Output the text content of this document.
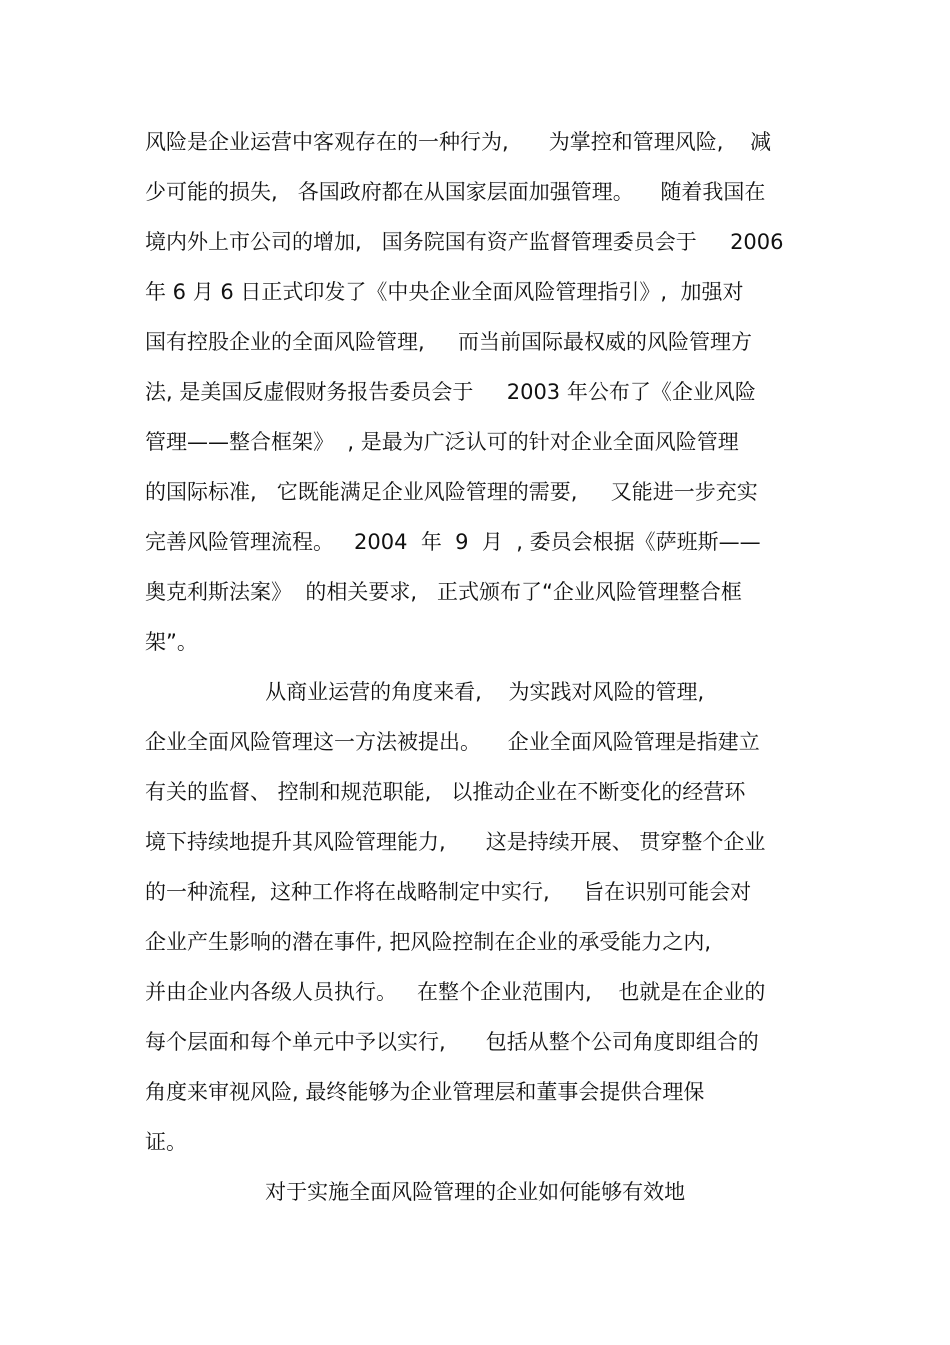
风险是企业运营中客观存在的一种行为,      为掌控和管理风险,    减
少可能的损失,   各国政府都在从国家层面加强管理。    随着我国在
境内外上市公司的增加,   国务院国有资产监督管理委员会于     2006
年 6 月 6 日正式印发了《中央企业全面风险管理指引》,  加强对
国有控股企业的全面风险管理,     而当前国际最权威的风险管理方
法, 是美国反虚假财务报告委员会于     2003 年公布了《企业风险
管理——整合框架》  , 是最为广泛认可的针对企业全面风险管理
的国际标准,   它既能满足企业风险管理的需要,     又能进一步充实
完善风险管理流程。   2004  年  9  月  , 委员会根据《萨班斯——
奥克利斯法案》  的相关要求,   正式颁布了“企业风险管理整合框
架”。
从商业运营的角度来看,    为实践对风险的管理,
企业全面风险管理这一方法被提出。    企业全面风险管理是指建立
有关的监督、 控制和规范职能,   以推动企业在不断变化的经营环
境下持续地提升其风险管理能力,      这是持续开展、 贯穿整个企业
的一种流程,  这种工作将在战略制定中实行,     旨在识别可能会对
企业产生影响的潜在事件, 把风险控制在企业的承受能力之内,
并由企业内各级人员执行。   在整个企业范围内,    也就是在企业的
每个层面和每个单元中予以实行,      包括从整个公司角度即组合的
角度来审视风险, 最终能够为企业管理层和董事会提供合理保
证。
对于实施全面风险管理的企业如何能够有效地
